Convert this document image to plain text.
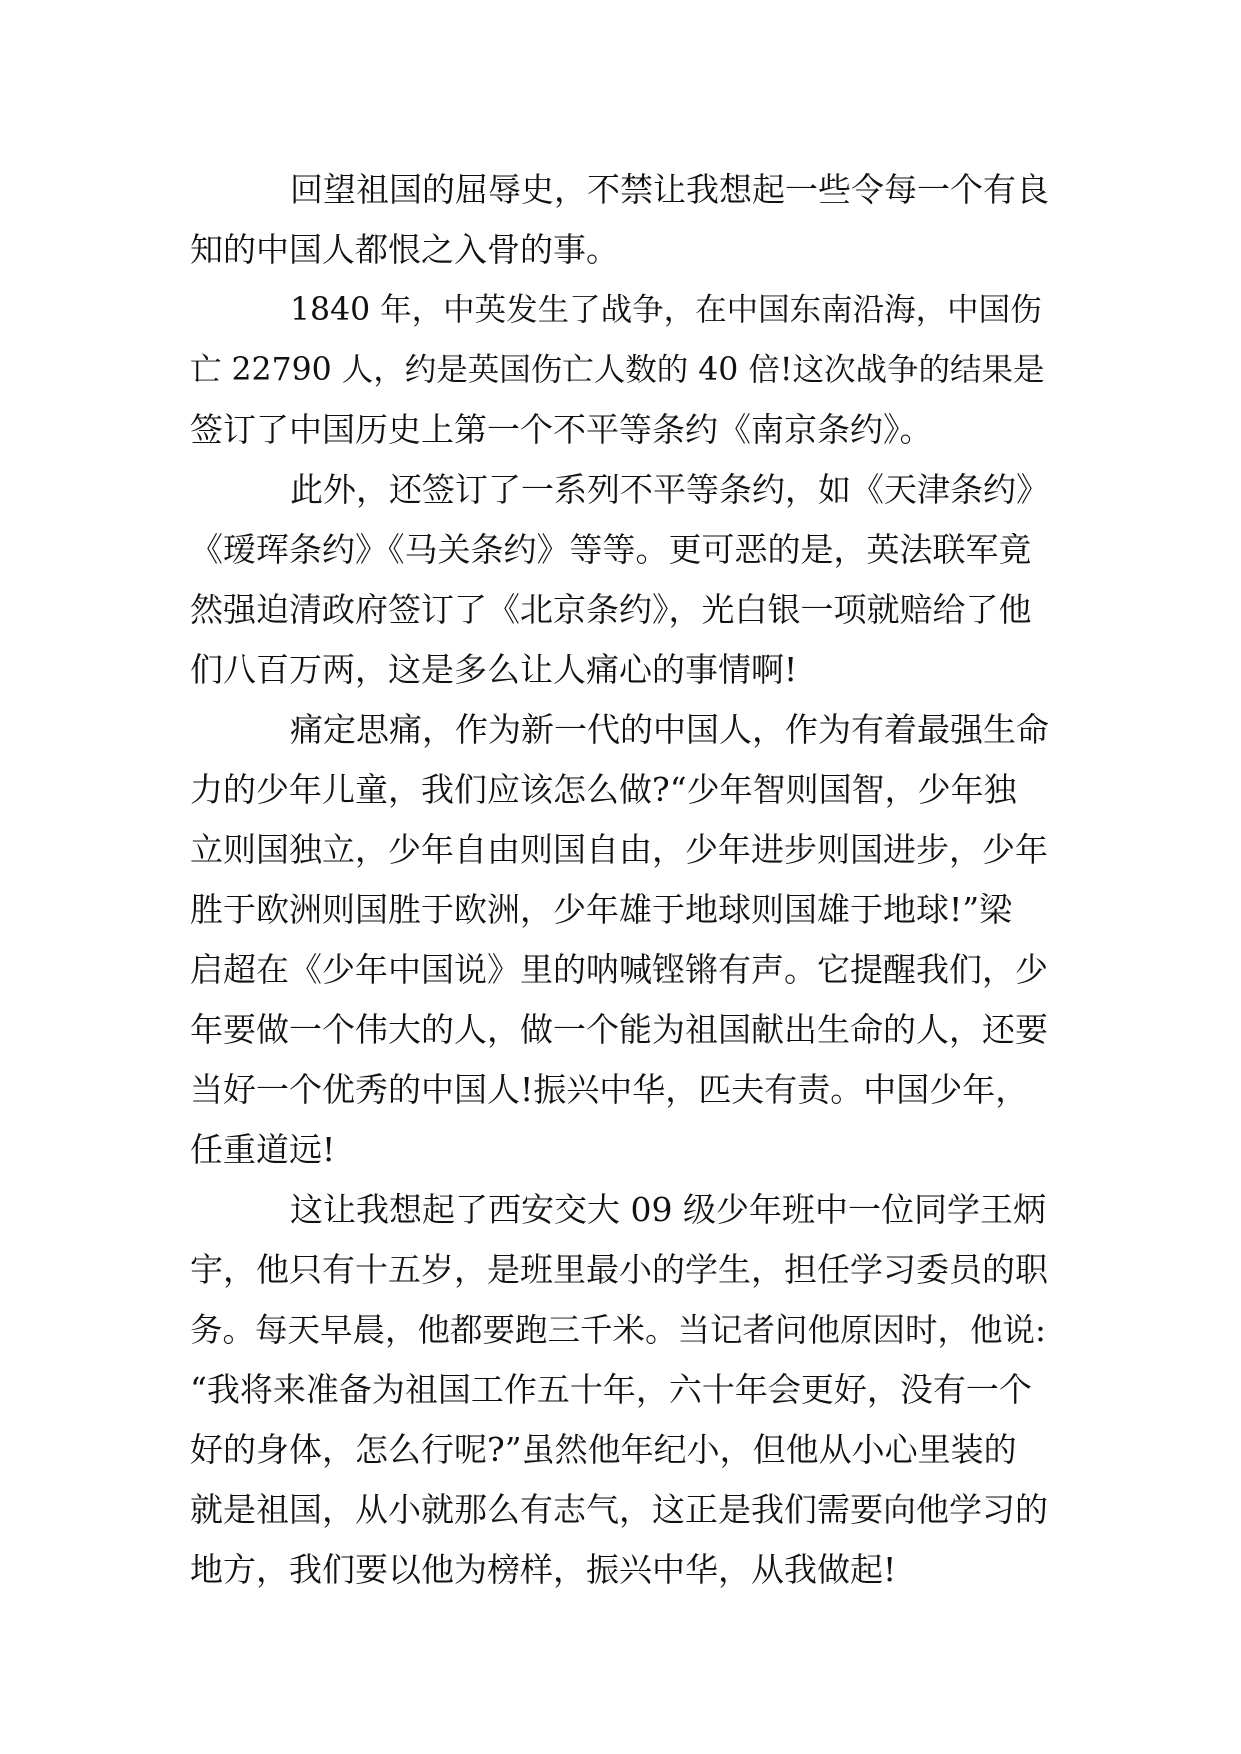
回望祖国的屈辱史，不禁让我想起一些令每一个有良
知的中国人都恨之入骨的事。
1840 年，中英发生了战争，在中国东南沿海，中国伤
亡 22790 人，约是英国伤亡人数的 40 倍!这次战争的结果是
签订了中国历史上第一个不平等条约《南京条约》。
此外，还签订了一系列不平等条约，如《天津条约》
《瑷珲条约》《马关条约》等等。更可恶的是，英法联军竟
然强迫清政府签订了《北京条约》，光白银一项就赔给了他
们八百万两，这是多么让人痛心的事情啊!
痛定思痛，作为新一代的中国人，作为有着最强生命
力的少年儿童，我们应该怎么做?“少年智则国智，少年独
立则国独立，少年自由则国自由，少年进步则国进步，少年
胜于欧洲则国胜于欧洲，少年雄于地球则国雄于地球!”梁
启超在《少年中国说》里的呐喊铿锵有声。它提醒我们，少
年要做一个伟大的人，做一个能为祖国献出生命的人，还要
当好一个优秀的中国人!振兴中华，匹夫有责。中国少年，
任重道远!
这让我想起了西安交大 09 级少年班中一位同学王炳
宇，他只有十五岁，是班里最小的学生，担任学习委员的职
务。每天早晨，他都要跑三千米。当记者问他原因时，他说:
“我将来准备为祖国工作五十年，六十年会更好，没有一个
好的身体，怎么行呢?”虽然他年纪小，但他从小心里装的
就是祖国，从小就那么有志气，这正是我们需要向他学习的
地方，我们要以他为榜样，振兴中华，从我做起!
